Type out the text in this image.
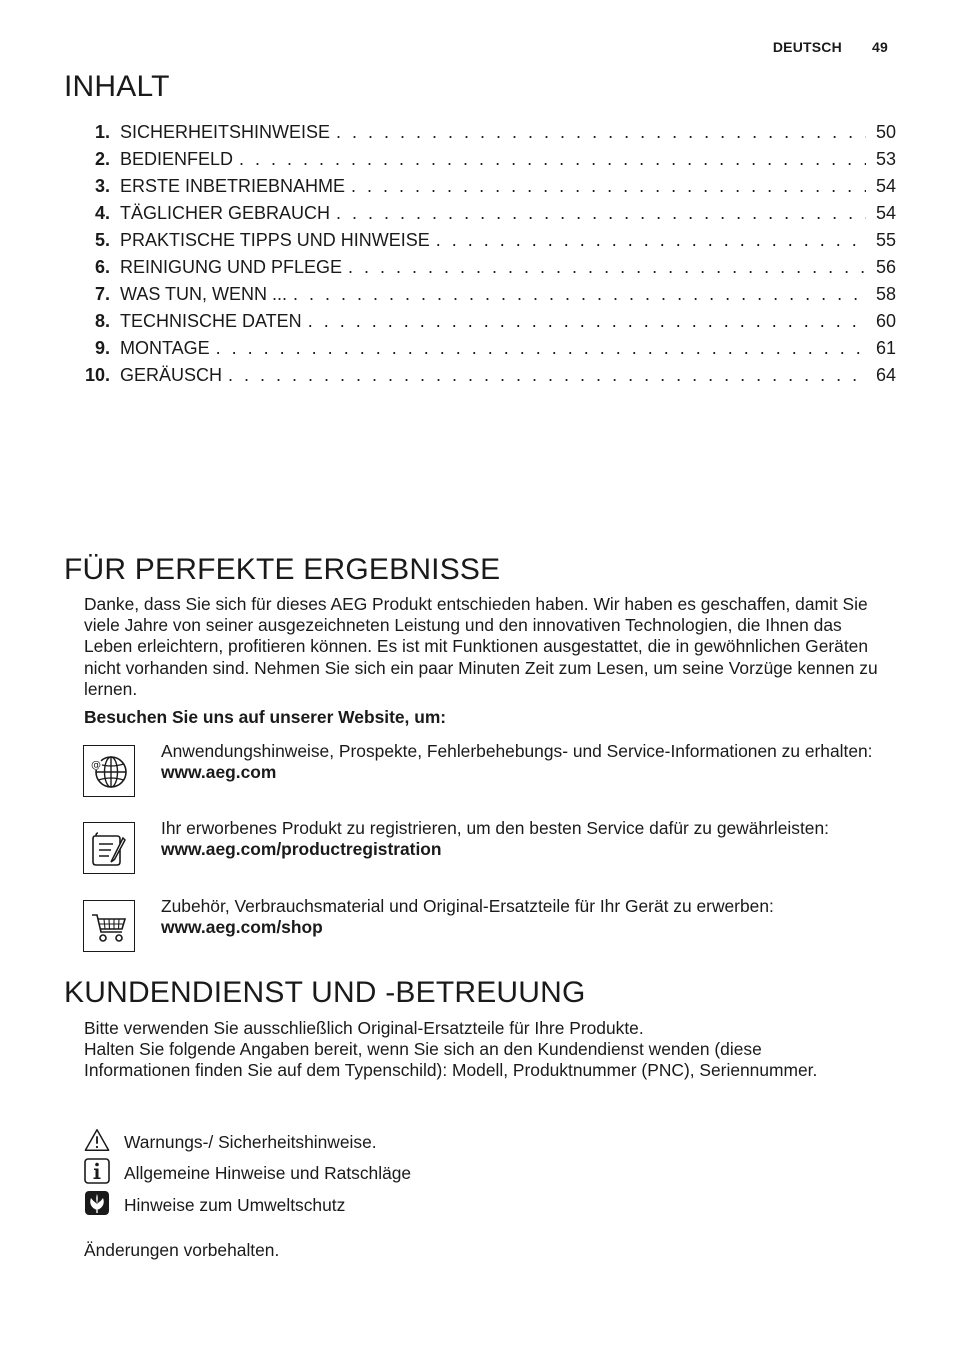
DEUTSCH 49
INHALT
1. SICHERHEITSHINWEISE . . .	50
2. BEDIENFELD . . .	53
3. ERSTE INBETRIEBNAHME . . .	54
4. TÄGLICHER GEBRAUCH . . .	54
5. PRAKTISCHE TIPPS UND HINWEISE . . .	55
6. REINIGUNG UND PFLEGE . . .	56
7. WAS TUN, WENN ... . . .	58
8. TECHNISCHE DATEN . . .	60
9. MONTAGE . . .	61
10. GERÄUSCH . . .	64
FÜR PERFEKTE ERGEBNISSE

Danke, dass Sie sich für dieses AEG Produkt entschieden haben. Wir haben es geschaffen, damit Sie viele Jahre von seiner ausgezeichneten Leistung und den innovativen Technologien, die Ihnen das Leben erleichtern, profitieren können. Es ist mit Funktionen ausgestattet, die in gewöhnlichen Geräten nicht vorhanden sind. Nehmen Sie sich ein paar Minuten Zeit zum Lesen, um seine Vorzüge kennen zu lernen.

Besuchen Sie uns auf unserer Website, um:

@
Anwendungshinweise, Prospekte, Fehlerbehebungs- und Service-Informationen zu erhalten:
www.aeg.com
Ihr erworbenes Produkt zu registrieren, um den besten Service dafür zu gewährleisten:
www.aeg.com/productregistration
Zubehör, Verbrauchsmaterial und Original-Ersatzteile für Ihr Gerät zu erwerben:
www.aeg.com/shop
KUNDENDIENST UND -BETREUUNG

Bitte verwenden Sie ausschließlich Original-Ersatzteile für Ihre Produkte.

Halten Sie folgende Angaben bereit, wenn Sie sich an den Kundendienst wenden (diese Informationen finden Sie auf dem Typenschild): Modell, Produktnummer (PNC), Seriennummer.

Warnungs-/ Sicherheitshinweise.
Allgemeine Hinweise und Ratschläge
Hinweise zum Umweltschutz

Änderungen vorbehalten.
